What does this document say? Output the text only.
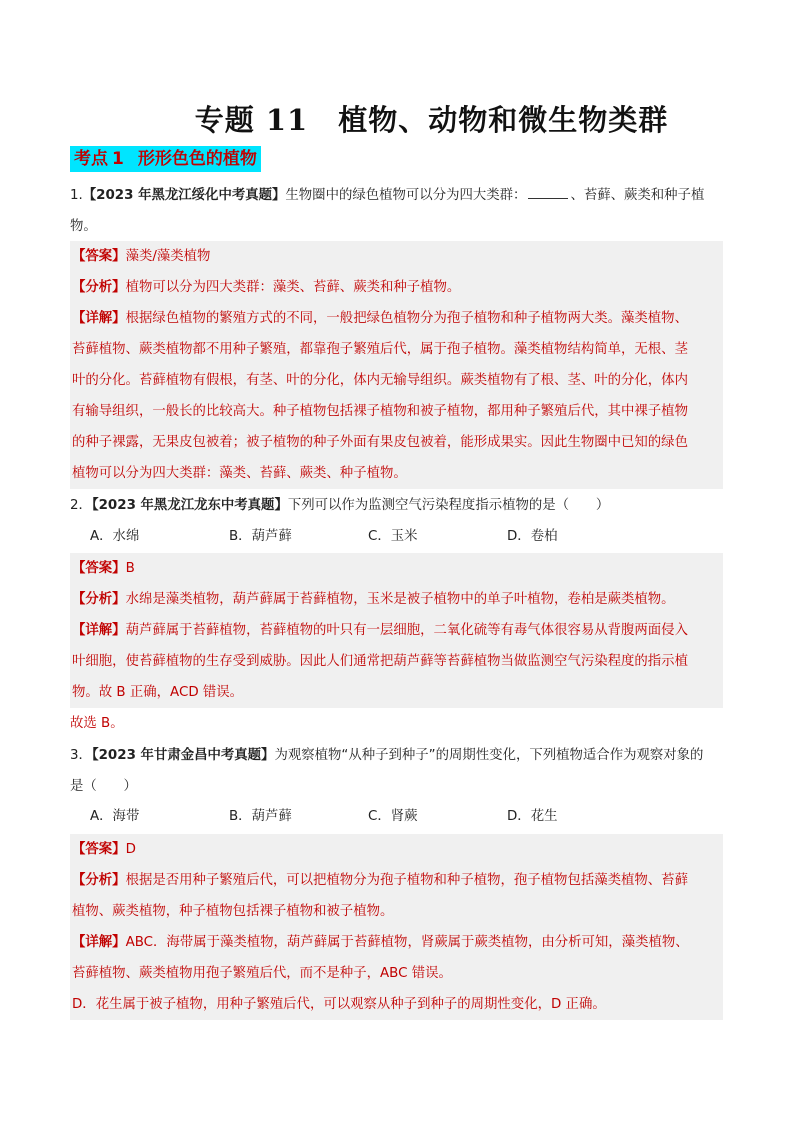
专题 11 植物、动物和微生物类群
考点 1 形形色色的植物
1.【2023 年黑龙江绥化中考真题】生物圈中的绿色植物可以分为四大类群：	、苔藓、蕨类和种子植
物。

【答案】藻类/藻类植物

【分析】植物可以分为四大类群：藻类、苔藓、蕨类和种子植物。

【详解】根据绿色植物的繁殖方式的不同，一般把绿色植物分为孢子植物和种子植物两大类。藻类植物、

苔藓植物、蕨类植物都不用种子繁殖，都靠孢子繁殖后代，属于孢子植物。藻类植物结构简单，无根、茎

叶的分化。苔藓植物有假根，有茎、叶的分化，体内无输导组织。蕨类植物有了根、茎、叶的分化，体内

有输导组织，一般长的比较高大。种子植物包括裸子植物和被子植物，都用种子繁殖后代，其中裸子植物

的种子裸露，无果皮包被着；被子植物的种子外面有果皮包被着，能形成果实。因此生物圈中已知的绿色

植物可以分为四大类群：藻类、苔藓、蕨类、种子植物。

2．【2023 年黑龙江龙东中考真题】下列可以作为监测空气污染程度指示植物的是（　　）
A．水绵	B．葫芦藓	C．玉米	D．卷柏

【答案】B

【分析】水绵是藻类植物，葫芦藓属于苔藓植物，玉米是被子植物中的单子叶植物，卷柏是蕨类植物。

【详解】葫芦藓属于苔藓植物，苔藓植物的叶只有一层细胞，二氧化硫等有毒气体很容易从背腹两面侵入

叶细胞，使苔藓植物的生存受到威胁。因此人们通常把葫芦藓等苔藓植物当做监测空气污染程度的指示植

物。故 B 正确，ACD 错误。

故选 B。
3．【2023 年甘肃金昌中考真题】为观察植物“从种子到种子”的周期性变化，下列植物适合作为观察对象的
是（　　）
A．海带	B．葫芦藓	C．肾蕨	D．花生

【答案】D

【分析】根据是否用种子繁殖后代，可以把植物分为孢子植物和种子植物，孢子植物包括藻类植物、苔藓

植物、蕨类植物，种子植物包括裸子植物和被子植物。

【详解】ABC．海带属于藻类植物，葫芦藓属于苔藓植物，肾蕨属于蕨类植物，由分析可知，藻类植物、

苔藓植物、蕨类植物用孢子繁殖后代，而不是种子，ABC 错误。

D．花生属于被子植物，用种子繁殖后代，可以观察从种子到种子的周期性变化，D 正确。
